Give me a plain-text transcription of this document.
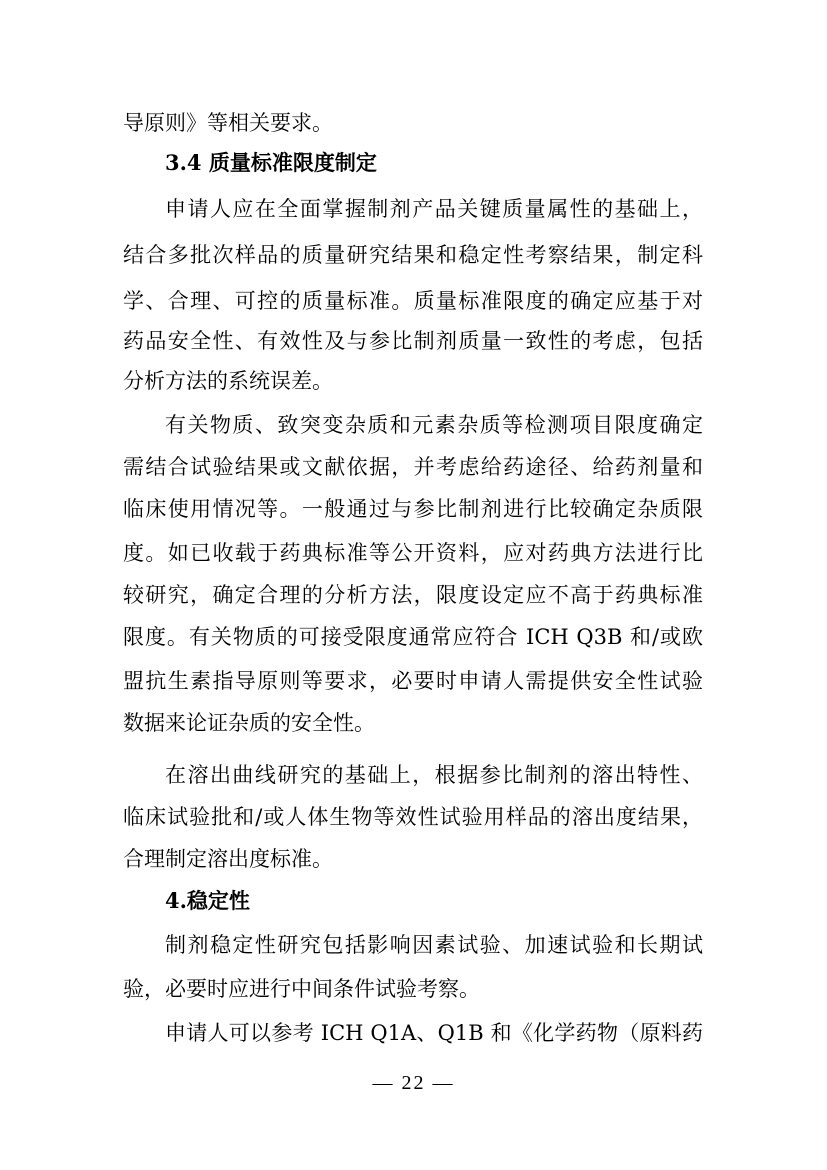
导原则》等相关要求。
3.4 质量标准限度制定
申请人应在全面掌握制剂产品关键质量属性的基础上，
结合多批次样品的质量研究结果和稳定性考察结果，制定科
学、合理、可控的质量标准。质量标准限度的确定应基于对
药品安全性、有效性及与参比制剂质量一致性的考虑，包括
分析方法的系统误差。
有关物质、致突变杂质和元素杂质等检测项目限度确定
需结合试验结果或文献依据，并考虑给药途径、给药剂量和
临床使用情况等。一般通过与参比制剂进行比较确定杂质限
度。如已收载于药典标准等公开资料，应对药典方法进行比
较研究，确定合理的分析方法，限度设定应不高于药典标准
限度。有关物质的可接受限度通常应符合 ICH Q3B 和/或欧
盟抗生素指导原则等要求，必要时申请人需提供安全性试验
数据来论证杂质的安全性。
在溶出曲线研究的基础上，根据参比制剂的溶出特性、
临床试验批和/或人体生物等效性试验用样品的溶出度结果，
合理制定溶出度标准。
4.稳定性
制剂稳定性研究包括影响因素试验、加速试验和长期试
验，必要时应进行中间条件试验考察。
申请人可以参考 ICH Q1A、Q1B 和《化学药物（原料药
— 22 —
